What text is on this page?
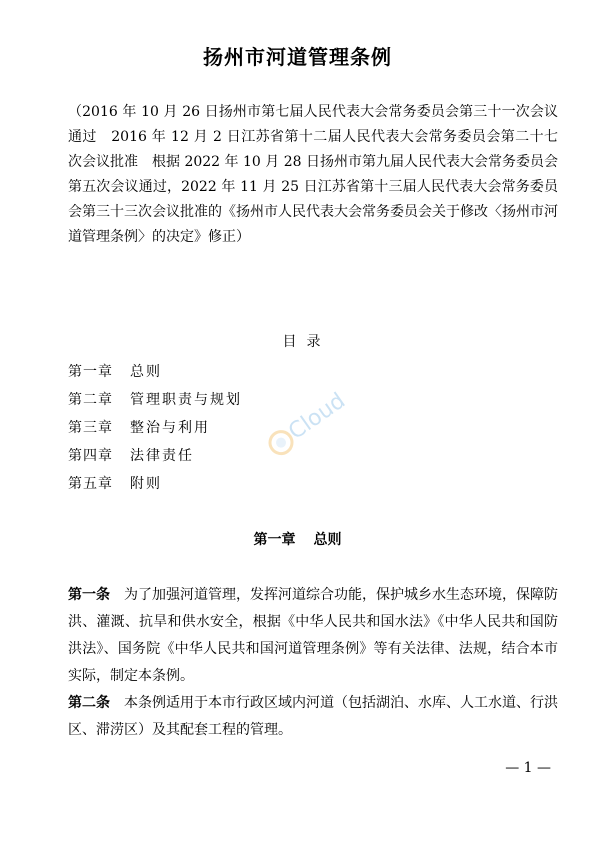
扬州市河道管理条例
（2016 年 10 月 26 日扬州市第七届人民代表大会常务委员会第三十一次会议通过　2016 年 12 月 2 日江苏省第十二届人民代表大会常务委员会第二十七次会议批准　根据 2022 年 10 月 28 日扬州市第九届人民代表大会常务委员会第五次会议通过，2022 年 11 月 25 日江苏省第十三届人民代表大会常务委员会第三十三次会议批准的《扬州市人民代表大会常务委员会关于修改〈扬州市河道管理条例〉的决定》修正）
目录
第一章	总则
第二章	管理职责与规划
第三章	整治与利用
第四章	法律责任
第五章	附则
Cloud
第一章 总则

第一条 为了加强河道管理，发挥河道综合功能，保护城乡水生态环境，保障防洪、灌溉、抗旱和供水安全，根据《中华人民共和国水法》《中华人民共和国防洪法》、国务院《中华人民共和国河道管理条例》等有关法律、法规，结合本市实际，制定本条例。

第二条 本条例适用于本市行政区域内河道（包括湖泊、水库、人工水道、行洪区、滞涝区）及其配套工程的管理。

— 1 —
